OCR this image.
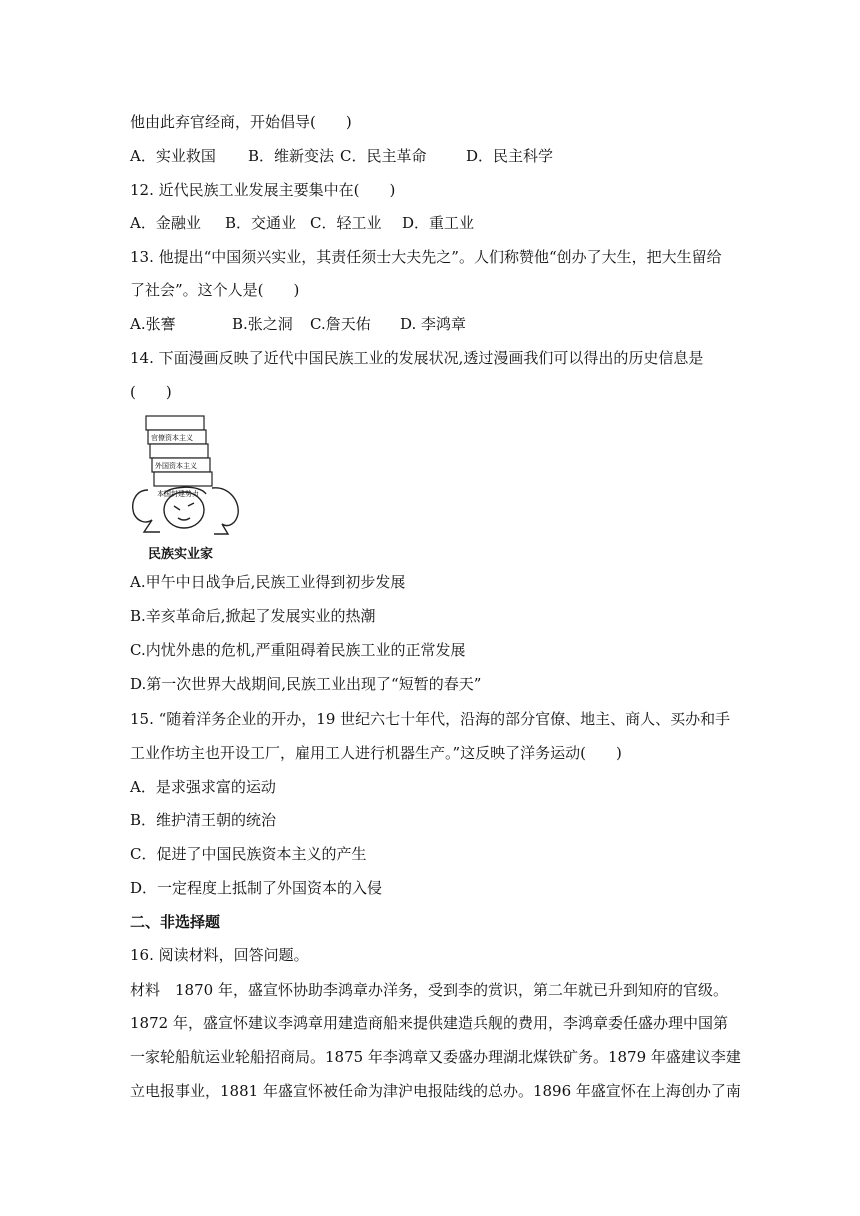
他由此弃官经商，开始倡导(　　)
A．实业救国 B．维新变法 C．民主革命	D．民主科学
12. 近代民族工业发展主要集中在(　　)
A．金融业 B．交通业 C．轻工业 D．重工业
13. 他提出“中国须兴实业，其责任须士大夫先之”。人们称赞他“创办了大生，把大生留给
了社会”。这个人是(　　)
A.张謇	B.张之洞 C.詹天佑 D. 李鸿章
14. 下面漫画反映了近代中国民族工业的发展状况,透过漫画我们可以得出的历史信息是
(　　)
官僚资本主义
外国资本主义
本国封建势力
民族实业家
A.甲午中日战争后,民族工业得到初步发展
B.辛亥革命后,掀起了发展实业的热潮
C.内忧外患的危机,严重阻碍着民族工业的正常发展
D.第一次世界大战期间,民族工业出现了“短暂的春天”
15. “随着洋务企业的开办，19 世纪六七十年代，沿海的部分官僚、地主、商人、买办和手
工业作坊主也开设工厂，雇用工人进行机器生产。”这反映了洋务运动(　　)
A．是求强求富的运动
B．维护清王朝的统治
C．促进了中国民族资本主义的产生
D．一定程度上抵制了外国资本的入侵
二、非选择题
16. 阅读材料，回答问题。
材料　1870 年，盛宣怀协助李鸿章办洋务，受到李的赏识，第二年就已升到知府的官级。
1872 年，盛宣怀建议李鸿章用建造商船来提供建造兵舰的费用，李鸿章委任盛办理中国第
一家轮船航运业轮船招商局。1875 年李鸿章又委盛办理湖北煤铁矿务。1879 年盛建议李建
立电报事业，1881 年盛宣怀被任命为津沪电报陆线的总办。1896 年盛宣怀在上海创办了南
